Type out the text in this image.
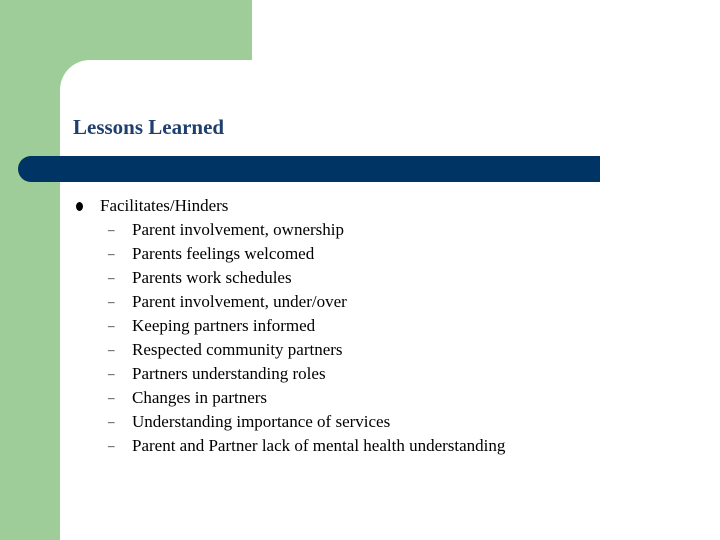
Lessons Learned
Facilitates/Hinders
– Parent involvement, ownership
– Parents feelings welcomed
– Parents work schedules
– Parent involvement, under/over
– Keeping partners informed
– Respected community partners
– Partners understanding roles
– Changes in partners
– Understanding importance of services
– Parent and Partner lack of mental health understanding
